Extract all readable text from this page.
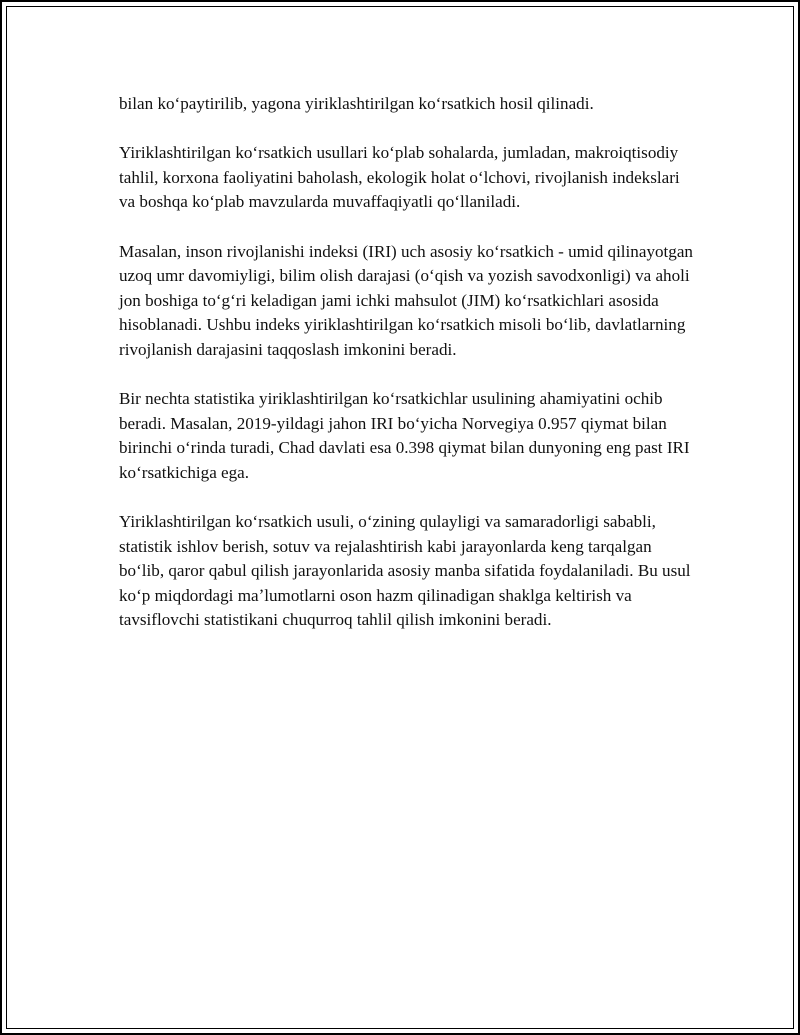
bilan koʻpaytirilib, yagona yiriklashtirilgan koʻrsatkich hosil qilinadi.

Yiriklashtirilgan koʻrsatkich usullari koʻplab sohalarda, jumladan, makroiqtisodiy tahlil, korxona faoliyatini baholash, ekologik holat oʻlchovi, rivojlanish indekslari va boshqa koʻplab mavzularda muvaffaqiyatli qoʻllaniladi.

Masalan, inson rivojlanishi indeksi (IRI) uch asosiy koʻrsatkich - umid qilinayotgan uzoq umr davomiyligi, bilim olish darajasi (oʻqish va yozish savodxonligi) va aholi jon boshiga toʻgʻri keladigan jami ichki mahsulot (JIM) koʻrsatkichlari asosida hisoblanadi. Ushbu indeks yiriklashtirilgan koʻrsatkich misoli boʻlib, davlatlarning rivojlanish darajasini taqqoslash imkonini beradi.

Bir nechta statistika yiriklashtirilgan koʻrsatkichlar usulining ahamiyatini ochib beradi. Masalan, 2019-yildagi jahon IRI boʻyicha Norvegiya 0.957 qiymat bilan birinchi oʻrinda turadi, Chad davlati esa 0.398 qiymat bilan dunyoning eng past IRI koʻrsatkichiga ega.

Yiriklashtirilgan koʻrsatkich usuli, oʻzining qulayligi va samaradorligi sababli, statistik ishlov berish, sotuv va rejalashtirish kabi jarayonlarda keng tarqalgan boʻlib, qaror qabul qilish jarayonlarida asosiy manba sifatida foydalaniladi. Bu usul koʻp miqdordagi maʼlumotlarni oson hazm qilinadigan shaklga keltirish va tavsiflovchi statistikani chuqurroq tahlil qilish imkonini beradi.
